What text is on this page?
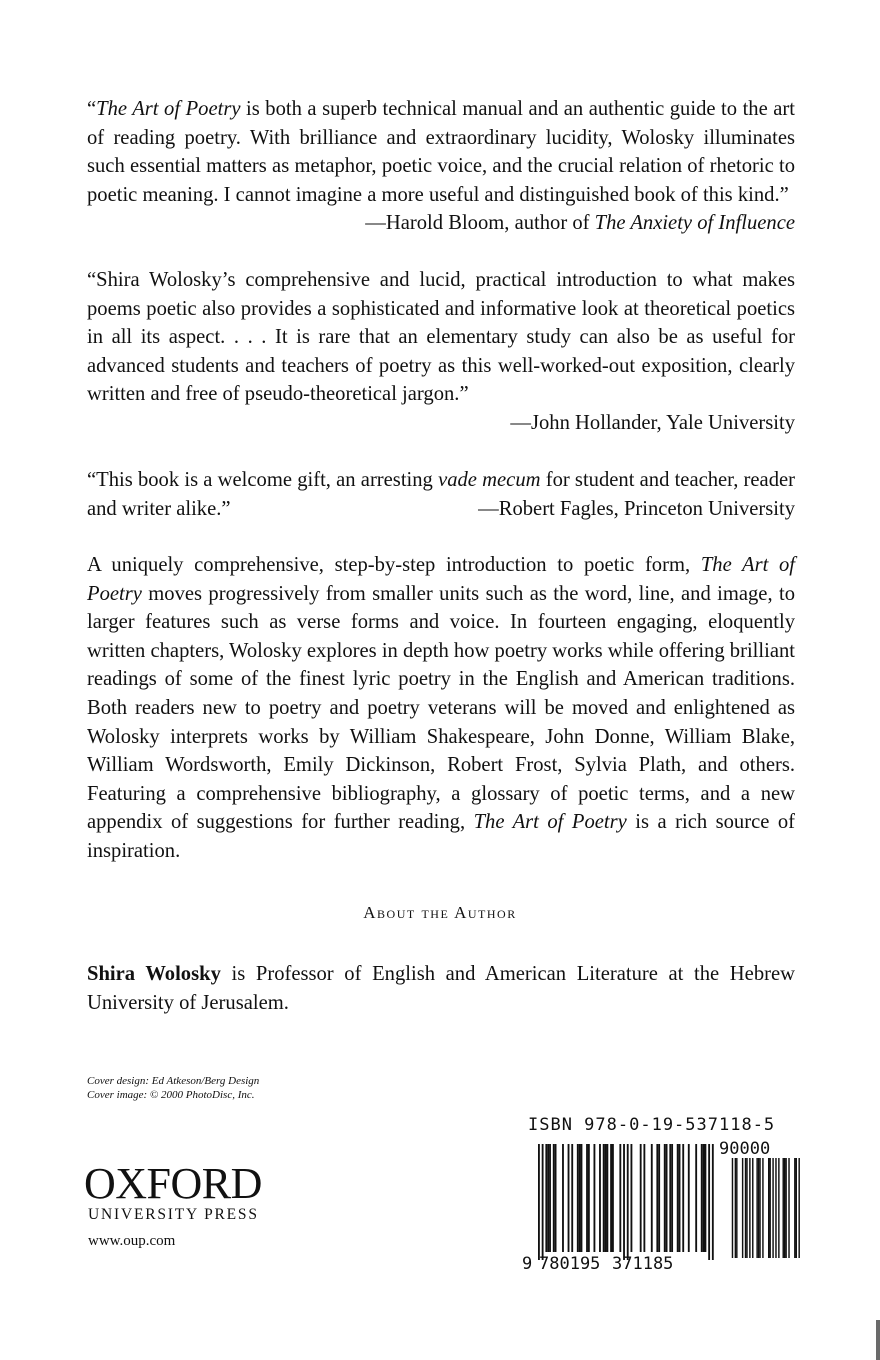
“The Art of Poetry is both a superb technical manual and an authentic guide to the art of reading poetry. With brilliance and extraordinary lucidity, Wolosky illuminates such essential matters as metaphor, poetic voice, and the crucial relation of rhetoric to poetic meaning. I cannot imagine a more useful and distinguished book of this kind.”
—Harold Bloom, author of The Anxiety of Influence
“Shira Wolosky’s comprehensive and lucid, practical introduction to what makes poems poetic also provides a sophisticated and informative look at theoretical poetics in all its aspect. . . . It is rare that an elementary study can also be as useful for advanced students and teachers of poetry as this well-worked-out exposition, clearly written and free of pseudo-theoretical jargon.”
—John Hollander, Yale University
“This book is a welcome gift, an arresting vade mecum for student and teacher, reader and writer alike.”	—Robert Fagles, Princeton University
A uniquely comprehensive, step-by-step introduction to poetic form, The Art of Poetry moves progressively from smaller units such as the word, line, and image, to larger features such as verse forms and voice. In fourteen engaging, eloquently written chapters, Wolosky explores in depth how poetry works while offering brilliant readings of some of the finest lyric poetry in the English and American traditions. Both readers new to poetry and poetry veterans will be moved and enlightened as Wolosky interprets works by William Shakespeare, John Donne, William Blake, William Wordsworth, Emily Dickinson, Robert Frost, Sylvia Plath, and others. Featuring a comprehensive bibliography, a glossary of poetic terms, and a new appendix of suggestions for further reading, The Art of Poetry is a rich source of inspiration.
About the Author
Shira Wolosky is Professor of English and American Literature at the Hebrew University of Jerusalem.
Cover design: Ed Atkeson/Berg Design
Cover image: © 2000 PhotoDisc, Inc.
OXFORD
UNIVERSITY PRESS
www.oup.com
ISBN 978-0-19-537118-5
9 780195 371185
90000
